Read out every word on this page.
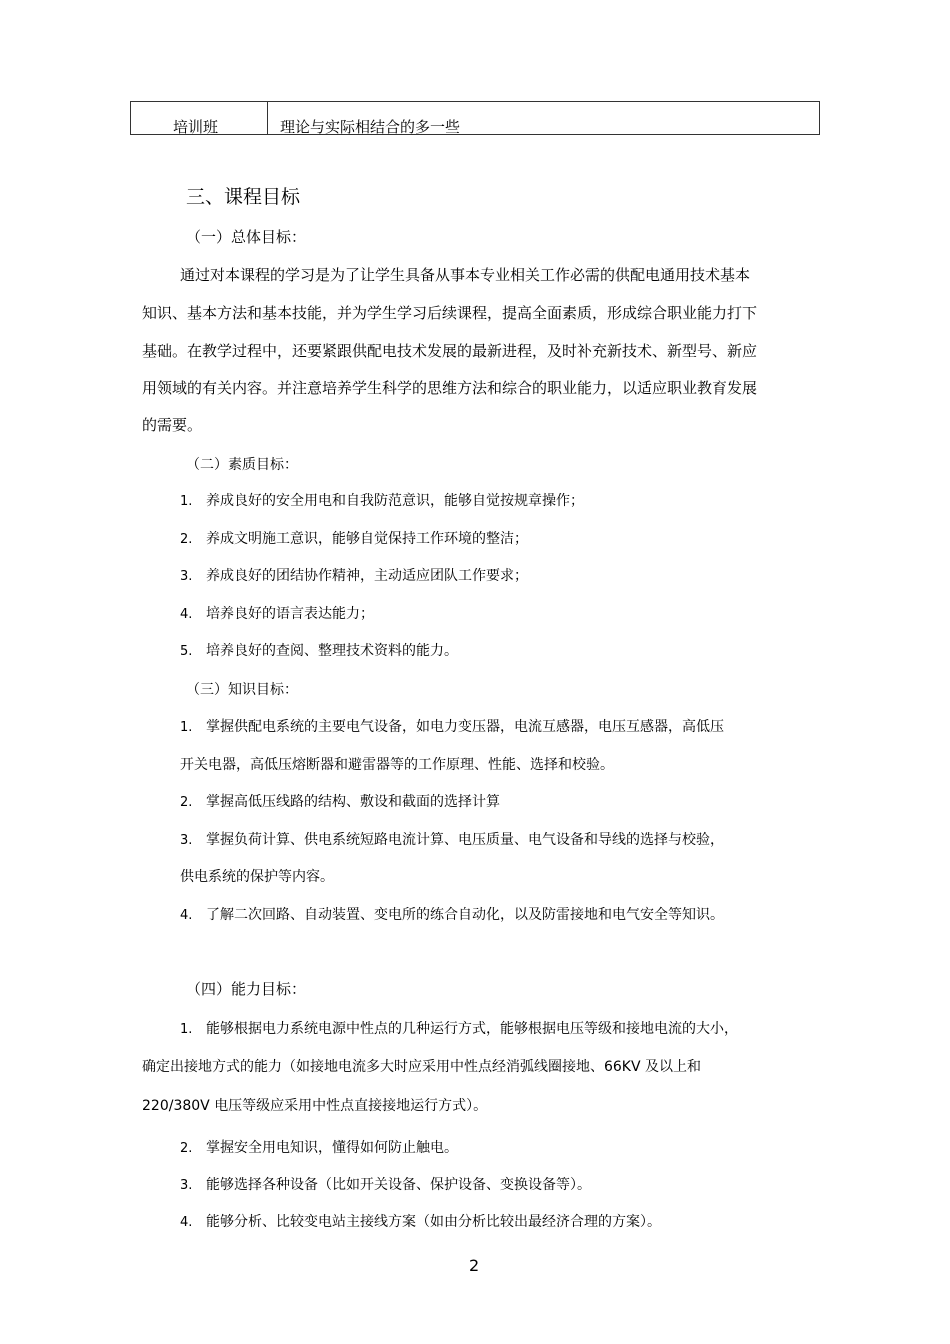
培训班	理论与实际相结合的多一些
三、课程目标
（一）总体目标：
通过对本课程的学习是为了让学生具备从事本专业相关工作必需的供配电通用技术基本
知识、基本方法和基本技能，并为学生学习后续课程，提高全面素质，形成综合职业能力打下
基础。在教学过程中，还要紧跟供配电技术发展的最新进程，及时补充新技术、新型号、新应
用领域的有关内容。并注意培养学生科学的思维方法和综合的职业能力，以适应职业教育发展
的需要。
（二）素质目标：
1. 养成良好的安全用电和自我防范意识，能够自觉按规章操作；
2. 养成文明施工意识，能够自觉保持工作环境的整洁；
3. 养成良好的团结协作精神，主动适应团队工作要求；
4. 培养良好的语言表达能力；
5. 培养良好的查阅、整理技术资料的能力。
（三）知识目标：
1. 掌握供配电系统的主要电气设备，如电力变压器，电流互感器，电压互感器，高低压
开关电器，高低压熔断器和避雷器等的工作原理、性能、选择和校验。
2. 掌握高低压线路的结构、敷设和截面的选择计算
3. 掌握负荷计算、供电系统短路电流计算、电压质量、电气设备和导线的选择与校验，
供电系统的保护等内容。
4. 了解二次回路、自动装置、变电所的练合自动化，以及防雷接地和电气安全等知识。
（四）能力目标：
1. 能够根据电力系统电源中性点的几种运行方式，能够根据电压等级和接地电流的大小，
确定出接地方式的能力（如接地电流多大时应采用中性点经消弧线圈接地、66KV 及以上和
220/380V 电压等级应采用中性点直接接地运行方式）。
2. 掌握安全用电知识，懂得如何防止触电。
3. 能够选择各种设备（比如开关设备、保护设备、变换设备等）。
4. 能够分析、比较变电站主接线方案（如由分析比较出最经济合理的方案）。
2
